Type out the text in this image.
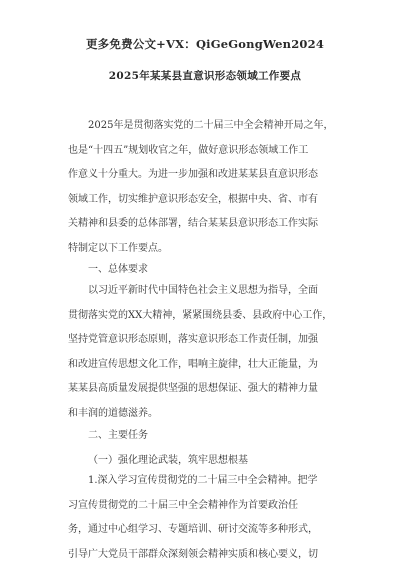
更多免费公文+VX：QiGeGongWen2024
2025年某某县直意识形态领域工作要点
2025年是贯彻落实党的二十届三中全会精神开局之年，
也是“十四五”规划收官之年，做好意识形态领域工作工
作意义十分重大。为进一步加强和改进某某县直意识形态
领域工作，切实维护意识形态安全，根据中央、省、市有
关精神和县委的总体部署，结合某某县意识形态工作实际
特制定以下工作要点。
一、总体要求
以习近平新时代中国特色社会主义思想为指导，全面
贯彻落实党的XX大精神，紧紧围绕县委、县政府中心工作，
坚持党管意识形态原则，落实意识形态工作责任制，加强
和改进宣传思想文化工作，唱响主旋律，壮大正能量，为
某某县高质量发展提供坚强的思想保证、强大的精神力量
和丰润的道德滋养。
二、主要任务
（一）强化理论武装，筑牢思想根基
1.深入学习宣传贯彻党的二十届三中全会精神。把学
习宣传贯彻党的二十届三中全会精神作为首要政治任
务，通过中心组学习、专题培训、研讨交流等多种形式，
引导广大党员干部群众深刻领会精神实质和核心要义，切
